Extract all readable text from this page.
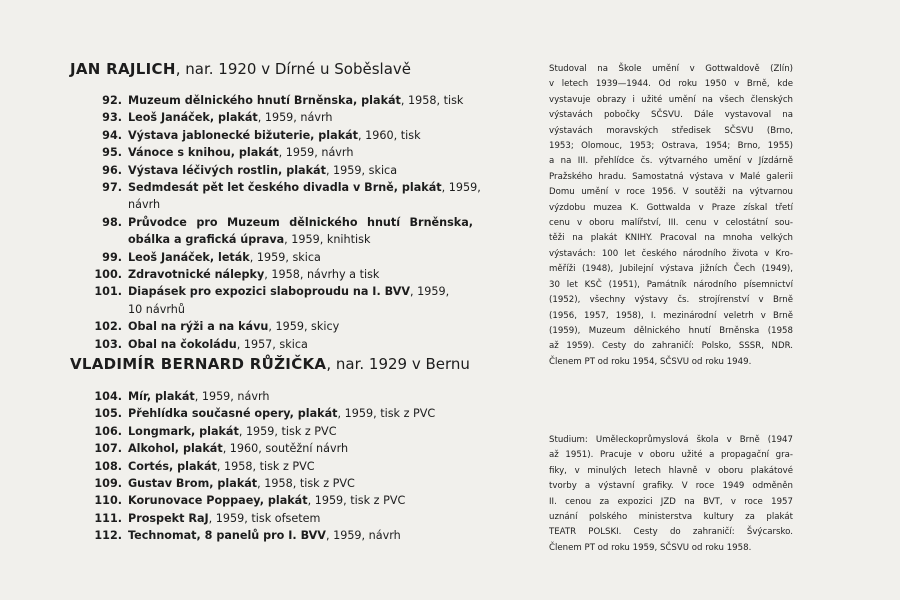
JAN RAJLICH, nar. 1920 v Dírné u Soběslavě
92. Muzeum dělnického hnutí Brněnska, plakát, 1958, tisk
93. Leoš Janáček, plakát, 1959, návrh
94. Výstava jablonecké bižuterie, plakát, 1960, tisk
95. Vánoce s knihou, plakát, 1959, návrh
96. Výstava léčivých rostlin, plakát, 1959, skica
97. Sedmdesát pět let českého divadla v Brně, plakát, 1959,
návrh
98. Průvodce pro Muzeum dělnického hnutí Brněnska,
obálka a grafická úprava, 1959, knihtisk
99. Leoš Janáček, leták, 1959, skica
100. Zdravotnické nálepky, 1958, návrhy a tisk
101. Diapásek pro expozici slaboproudu na I. BVV, 1959,
10 návrhů
102. Obal na rýži a na kávu, 1959, skicy
103. Obal na čokoládu, 1957, skica
Studoval na Škole umění v Gottwaldově (Zlín)
v letech 1939—1944. Od roku 1950 v Brně, kde
vystavuje obrazy i užité umění na všech členských
výstavách pobočky SČSVU. Dále vystavoval na
výstavách moravských středisek SČSVU (Brno,
1953; Olomouc, 1953; Ostrava, 1954; Brno, 1955)
a na III. přehlídce čs. výtvarného umění v Jízdárně
Pražského hradu. Samostatná výstava v Malé galerii
Domu umění v roce 1956. V soutěži na výtvarnou
výzdobu muzea K. Gottwalda v Praze získal třetí
cenu v oboru malířství, III. cenu v celostátní sou-
těži na plakát KNIHY. Pracoval na mnoha velkých
výstavách: 100 let českého národního života v Kro-
měříži (1948), Jubilejní výstava jižních Čech (1949),
30 let KSČ (1951), Památník národního písemnictví
(1952), všechny výstavy čs. strojírenství v Brně
(1956, 1957, 1958), I. mezinárodní veletrh v Brně
(1959), Muzeum dělnického hnutí Brněnska (1958
až 1959). Cesty do zahraničí: Polsko, SSSR, NDR.
Členem PT od roku 1954, SČSVU od roku 1949.
VLADIMÍR BERNARD RŮŽIČKA, nar. 1929 v Bernu
104. Mír, plakát, 1959, návrh
105. Přehlídka současné opery, plakát, 1959, tisk z PVC
106. Longmark, plakát, 1959, tisk z PVC
107. Alkohol, plakát, 1960, soutěžní návrh
108. Cortés, plakát, 1958, tisk z PVC
109. Gustav Brom, plakát, 1958, tisk z PVC
110. Korunovace Poppaey, plakát, 1959, tisk z PVC
111. Prospekt RaJ, 1959, tisk ofsetem
112. Technomat, 8 panelů pro I. BVV, 1959, návrh
Studium: Uměleckoprůmyslová škola v Brně (1947
až 1951). Pracuje v oboru užité a propagační gra-
fiky, v minulých letech hlavně v oboru plakátové
tvorby a výstavní grafiky. V roce 1949 odměněn
II. cenou za expozici JZD na BVT, v roce 1957
uznání polského ministerstva kultury za plakát
TEATR POLSKI. Cesty do zahraničí: Švýcarsko.
Členem PT od roku 1959, SČSVU od roku 1958.
